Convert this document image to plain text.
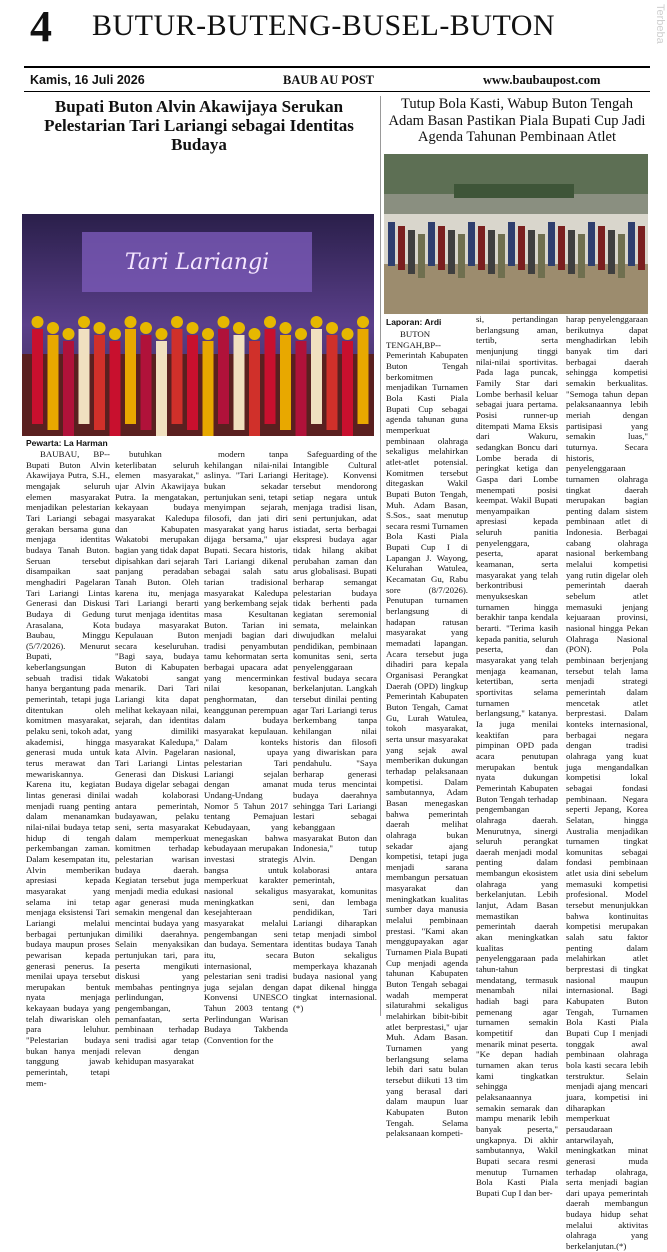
4 BUTUR-BUTENG-BUSEL-BUTON	Terbeba
Kamis, 16 Juli 2026	BAUB AU POST	www.baubaupost.com
Bupati Buton Alvin Akawijaya Serukan Pelestarian Tari Lariangi sebagai Identitas Budaya
Tari Lariangi
Pewarta: La Harman

BAUBAU, BP--Bupati Buton Alvin Akawijaya Putra, S.H., mengajak seluruh elemen masyarakat menjadikan pelestarian Tari Lariangi sebagai gerakan bersama guna menjaga identitas budaya Tanah Buton. Seruan tersebut disampaikan saat menghadiri Pagelaran Tari Lariangi Lintas Generasi dan Diskusi Budaya di Gedung Arasalana, Kota Baubau, Minggu (5/7/2026). Menurut Bupati, keberlangsungan sebuah tradisi tidak hanya bergantung pada pemerintah, tetapi juga ditentukan oleh komitmen masyarakat, pelaku seni, tokoh adat, akademisi, hingga generasi muda untuk terus merawat dan mewariskannya. Karena itu, kegiatan lintas generasi dinilai menjadi ruang penting dalam menanamkan nilai-nilai budaya tetap hidup di tengah perkembangan zaman. Dalam kesempatan itu, Alvin memberikan apresiasi kepada masyarakat yang selama ini tetap menjaga eksistensi Tari Lariangi melalui berbagai pertunjukan budaya maupun proses pewarisan kepada generasi penerus. Ia menilai upaya tersebut merupakan bentuk nyata menjaga kekayaan budaya yang telah diwariskan oleh para leluhur. "Pelestarian budaya bukan hanya menjadi tanggung jawab pemerintah, tetapi mem-

butuhkan keterlibatan seluruh elemen masyarakat," ujar Alvin Akawijaya Putra. Ia mengatakan, kekayaan budaya masyarakat Kaledupa dan Kabupaten Wakatobi merupakan bagian yang tidak dapat dipisahkan dari sejarah panjang peradaban Tanah Buton. Oleh karena itu, menjaga Tari Lariangi berarti turut menjaga identitas budaya masyarakat Kepulauan Buton secara keseluruhan. "Bagi saya, budaya Buton di Kabupaten Wakatobi sangat menarik. Dari Tari Lariangi kita dapat melihat kekayaan nilai, sejarah, dan identitas yang dimiliki masyarakat Kaledupa," kata Alvin. Pagelaran Tari Lariangi Lintas Generasi dan Diskusi Budaya digelar sebagai wadah kolaborasi antara pemerintah, budayawan, pelaku seni, serta masyarakat dalam memperkuat komitmen terhadap pelestarian warisan budaya daerah. Kegiatan tersebut juga menjadi media edukasi agar generasi muda semakin mengenal dan mencintai budaya yang dimiliki daerahnya. Selain menyaksikan pertunjukan tari, para peserta mengikuti diskusi yang membahas pentingnya perlindungan, pengembangan, pemanfaatan, serta pembinaan terhadap seni tradisi agar tetap relevan dengan kehidupan masyarakat

modern tanpa kehilangan nilai-nilai aslinya. "Tari Lariangi bukan sekadar pertunjukan seni, tetapi menyimpan sejarah, filosofi, dan jati diri masyarakat yang harus dijaga bersama," ujar Bupati. Secara historis, Tari Lariangi dikenal sebagai salah satu tarian tradisional masyarakat Kaledupa yang berkembang sejak masa Kesultanan Buton. Tarian ini menjadi bagian dari tradisi penyambutan tamu kehormatan serta berbagai upacara adat yang mencerminkan nilai kesopanan, penghormatan, dan keanggunan perempuan dalam budaya masyarakat kepulauan. Dalam konteks nasional, upaya pelestarian Tari Lariangi sejalan dengan amanat Undang-Undang Nomor 5 Tahun 2017 tentang Pemajuan Kebudayaan, yang menegaskan bahwa kebudayaan merupakan investasi strategis bangsa untuk memperkuat karakter nasional sekaligus meningkatkan kesejahteraan masyarakat melalui pengembangan seni dan budaya. Sementara itu, secara internasional, pelestarian seni tradisi juga sejalan dengan Konvensi UNESCO Tahun 2003 tentang Perlindungan Warisan Budaya Takbenda (Convention for the

Safeguarding of the Intangible Cultural Heritage). Konvensi tersebut mendorong setiap negara untuk menjaga tradisi lisan, seni pertunjukan, adat istiadat, serta berbagai ekspresi budaya agar tidak hilang akibat perubahan zaman dan arus globalisasi. Bupati berharap semangat pelestarian budaya tidak berhenti pada kegiatan seremonial semata, melainkan diwujudkan melalui pendidikan, pembinaan komunitas seni, serta penyelenggaraan festival budaya secara berkelanjutan. Langkah tersebut dinilai penting agar Tari Lariangi terus berkembang tanpa kehilangan nilai historis dan filosofi yang diwariskan para pendahulu. "Saya berharap generasi muda terus mencintai budaya daerahnya sehingga Tari Lariangi lestari sebagai kebanggaan masyarakat Buton dan Indonesia," tutup Alvin. Dengan kolaborasi antara pemerintah, masyarakat, komunitas seni, dan lembaga pendidikan, Tari Lariangi diharapkan tetap menjadi simbol identitas budaya Tanah Buton sekaligus memperkaya khazanah budaya nasional yang dapat dikenal hingga tingkat internasional.(*)

Tutup Bola Kasti, Wabup Buton Tengah Adam Basan Pastikan Piala Bupati Cup Jadi Agenda Tahunan Pembinaan Atlet
Laporan: Ardi

BUTON TENGAH,BP-- Pemerintah Kabupaten Buton Tengah berkomitmen menjadikan Turnamen Bola Kasti Piala Bupati Cup sebagai agenda tahunan guna memperkuat pembinaan olahraga sekaligus melahirkan atlet-atlet potensial. Komitmen tersebut ditegaskan Wakil Bupati Buton Tengah, Muh. Adam Basan, S.Sos., saat menutup secara resmi Turnamen Bola Kasti Piala Bupati Cup I di Lapangan J. Wayong, Kelurahan Watulea, Kecamatan Gu, Rabu sore (8/7/2026). Penutupan turnamen berlangsung di hadapan ratusan masyarakat yang memadati lapangan. Acara tersebut juga dihadiri para kepala Organisasi Perangkat Daerah (OPD) lingkup Pemerintah Kabupaten Buton Tengah, Camat Gu, Lurah Watulea, tokoh masyarakat, serta unsur masyarakat yang sejak awal memberikan dukungan terhadap pelaksanaan kompetisi. Dalam sambutannya, Adam Basan menegaskan bahwa pemerintah daerah melihat olahraga bukan sekadar ajang kompetisi, tetapi juga menjadi sarana membangun persatuan masyarakat dan meningkatkan kualitas sumber daya manusia melalui pembinaan prestasi. "Kami akan menggupayakan agar Turnamen Piala Bupati Cup menjadi agenda tahunan Kabupaten Buton Tengah sebagai wadah memperat silaturahmi sekaligus melahirkan bibit-bibit atlet berprestasi," ujar Muh. Adam Basan. Turnamen yang berlangsung selama lebih dari satu bulan tersebut diikuti 13 tim yang berasal dari dalam maupun luar Kabupaten Buton Tengah. Selama pelaksanaan kompeti-

si, pertandingan berlangsung aman, tertib, serta menjunjung tinggi nilai-nilai sportivitas. Pada laga puncak, Family Star dari Lombe berhasil keluar sebagai juara pertama. Posisi runner-up ditempati Mama Eksis dari Wakuru, sedangkan Boncu dari Lombe berada di peringkat ketiga dan Gaspa dari Lombe menempati posisi keempat. Wakil Bupati menyampaikan apresiasi kepada seluruh panitia penyelenggara, peserta, aparat keamanan, serta masyarakat yang telah berkontribusi menyukseskan turnamen hingga berakhir tanpa kendala berarti. "Terima kasih kepada panitia, seluruh peserta, dan masyarakat yang telah menjaga keamanan, ketertiban, serta sportivitas selama turnamen berlangsung," katanya. Ia juga menilai keaktifan para pimpinan OPD pada acara penutupan merupakan bentuk nyata dukungan Pemerintah Kabupaten Buton Tengah terhadap pengembangan olahraga daerah. Menurutnya, sinergi seluruh perangkat daerah menjadi modal penting dalam membangun ekosistem olahraga yang berkelanjutan. Lebih lanjut, Adam Basan memastikan pemerintah daerah akan meningkatkan kualitas penyelenggaraan pada tahun-tahun mendatang, termasuk menambah nilai hadiah bagi para pemenang agar turnamen semakin kompetitif dan menarik minat peserta. "Ke depan hadiah turnamen akan terus kami tingkatkan sehingga pelaksanaannya semakin semarak dan mampu menarik lebih banyak peserta," ungkapnya. Di akhir sambutannya, Wakil Bupati secara resmi menutup Turnamen Bola Kasti Piala Bupati Cup I dan ber-

harap penyelenggaraan berikutnya dapat menghadirkan lebih banyak tim dari berbagai daerah sehingga kompetisi semakin berkualitas. "Semoga tahun depan pelaksanaannya lebih meriah dengan partisipasi yang semakin luas," tuturnya. Secara historis, penyelenggaraan turnamen olahraga tingkat daerah merupakan bagian penting dalam sistem pembinaan atlet di Indonesia. Berbagai cabang olahraga nasional berkembang melalui kompetisi yang rutin digelar oleh pemerintah daerah sebelum atlet memasuki jenjang kejuaraan provinsi, nasional hingga Pekan Olahraga Nasional (PON). Pola pembinaan berjenjang tersebut telah lama menjadi strategi pemerintah dalam mencetak atlet berprestasi. Dalam konteks internasional, berbagai negara dengan tradisi olahraga yang kuat juga mengandalkan kompetisi lokal sebagai fondasi pembinaan. Negara seperti Jepang, Korea Selatan, hingga Australia menjadikan turnamen tingkat komunitas sebagai fondasi pembinaan atlet usia dini sebelum memasuki kompetisi profesional. Model tersebut menunjukkan bahwa kontinuitas kompetisi merupakan salah satu faktor penting dalam melahirkan atlet berprestasi di tingkat nasional maupun internasional. Bagi Kabupaten Buton Tengah, Turnamen Bola Kasti Piala Bupati Cup I menjadi tonggak awal pembinaan olahraga bola kasti secara lebih terstruktur. Selain menjadi ajang mencari juara, kompetisi ini diharapkan memperkuat persaudaraan antarwilayah, meningkatkan minat generasi muda terhadap olahraga, serta menjadi bagian dari upaya pemerintah daerah membangun budaya hidup sehat melalui aktivitas olahraga yang berkelanjutan.(*)
